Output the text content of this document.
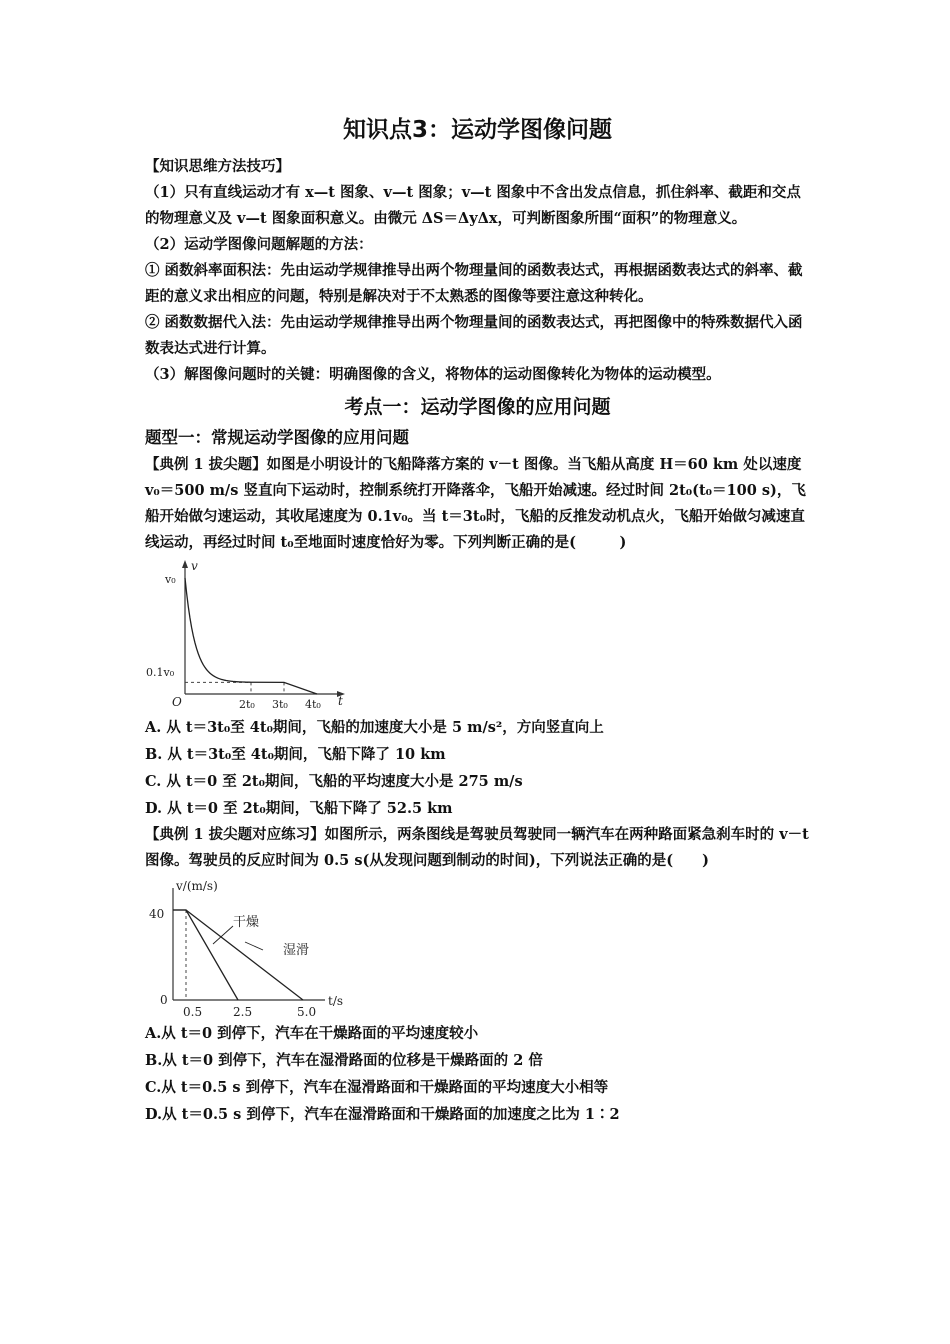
知识点3：运动学图像问题

【知识思维方法技巧】

（1）只有直线运动才有 x—t 图象、v—t 图象；v—t 图象中不含出发点信息，抓住斜率、截距和交点的物理意义及 v—t 图象面积意义。由微元 ΔS＝ΔyΔx，可判断图象所围“面积”的物理意义。

（2）运动学图像问题解题的方法：

① 函数斜率面积法：先由运动学规律推导出两个物理量间的函数表达式，再根据函数表达式的斜率、截距的意义求出相应的问题，特别是解决对于不太熟悉的图像等要注意这种转化。

② 函数数据代入法：先由运动学规律推导出两个物理量间的函数表达式，再把图像中的特殊数据代入函数表达式进行计算。

（3）解图像问题时的关键：明确图像的含义，将物体的运动图像转化为物体的运动模型。

考点一：运动学图像的应用问题
题型一：常规运动学图像的应用问题

【典例 1 拔尖题】如图是小明设计的飞船降落方案的 v－t 图像。当飞船从高度 H＝60 km 处以速度 v₀＝500 m/s 竖直向下运动时，控制系统打开降落伞，飞船开始减速。经过时间 2t₀(t₀＝100 s)，飞船开始做匀速运动，其收尾速度为 0.1v₀。当 t＝3t₀时，飞船的反推发动机点火，飞船开始做匀减速直线运动，再经过时间 t₀至地面时速度恰好为零。下列判断正确的是(　　　)

v
t
O
v₀
0.1v₀
2t₀ 3t₀ 4t₀

A. 从 t＝3t₀至 4t₀期间，飞船的加速度大小是 5 m/s²，方向竖直向上

B. 从 t＝3t₀至 4t₀期间，飞船下降了 10 km

C. 从 t＝0 至 2t₀期间，飞船的平均速度大小是 275 m/s

D. 从 t＝0 至 2t₀期间，飞船下降了 52.5 km

【典例 1 拔尖题对应练习】如图所示，两条图线是驾驶员驾驶同一辆汽车在两种路面紧急刹车时的 v－t 图像。驾驶员的反应时间为 0.5 s(从发现问题到制动的时间)，下列说法正确的是(　　)

v/(m/s)
t/s
0
40
0.5	2.5	5.0
干燥
湿滑

A.从 t＝0 到停下，汽车在干燥路面的平均速度较小

B.从 t＝0 到停下，汽车在湿滑路面的位移是干燥路面的 2 倍

C.从 t＝0.5 s 到停下，汽车在湿滑路面和干燥路面的平均速度大小相等

D.从 t＝0.5 s 到停下，汽车在湿滑路面和干燥路面的加速度之比为 1∶2
